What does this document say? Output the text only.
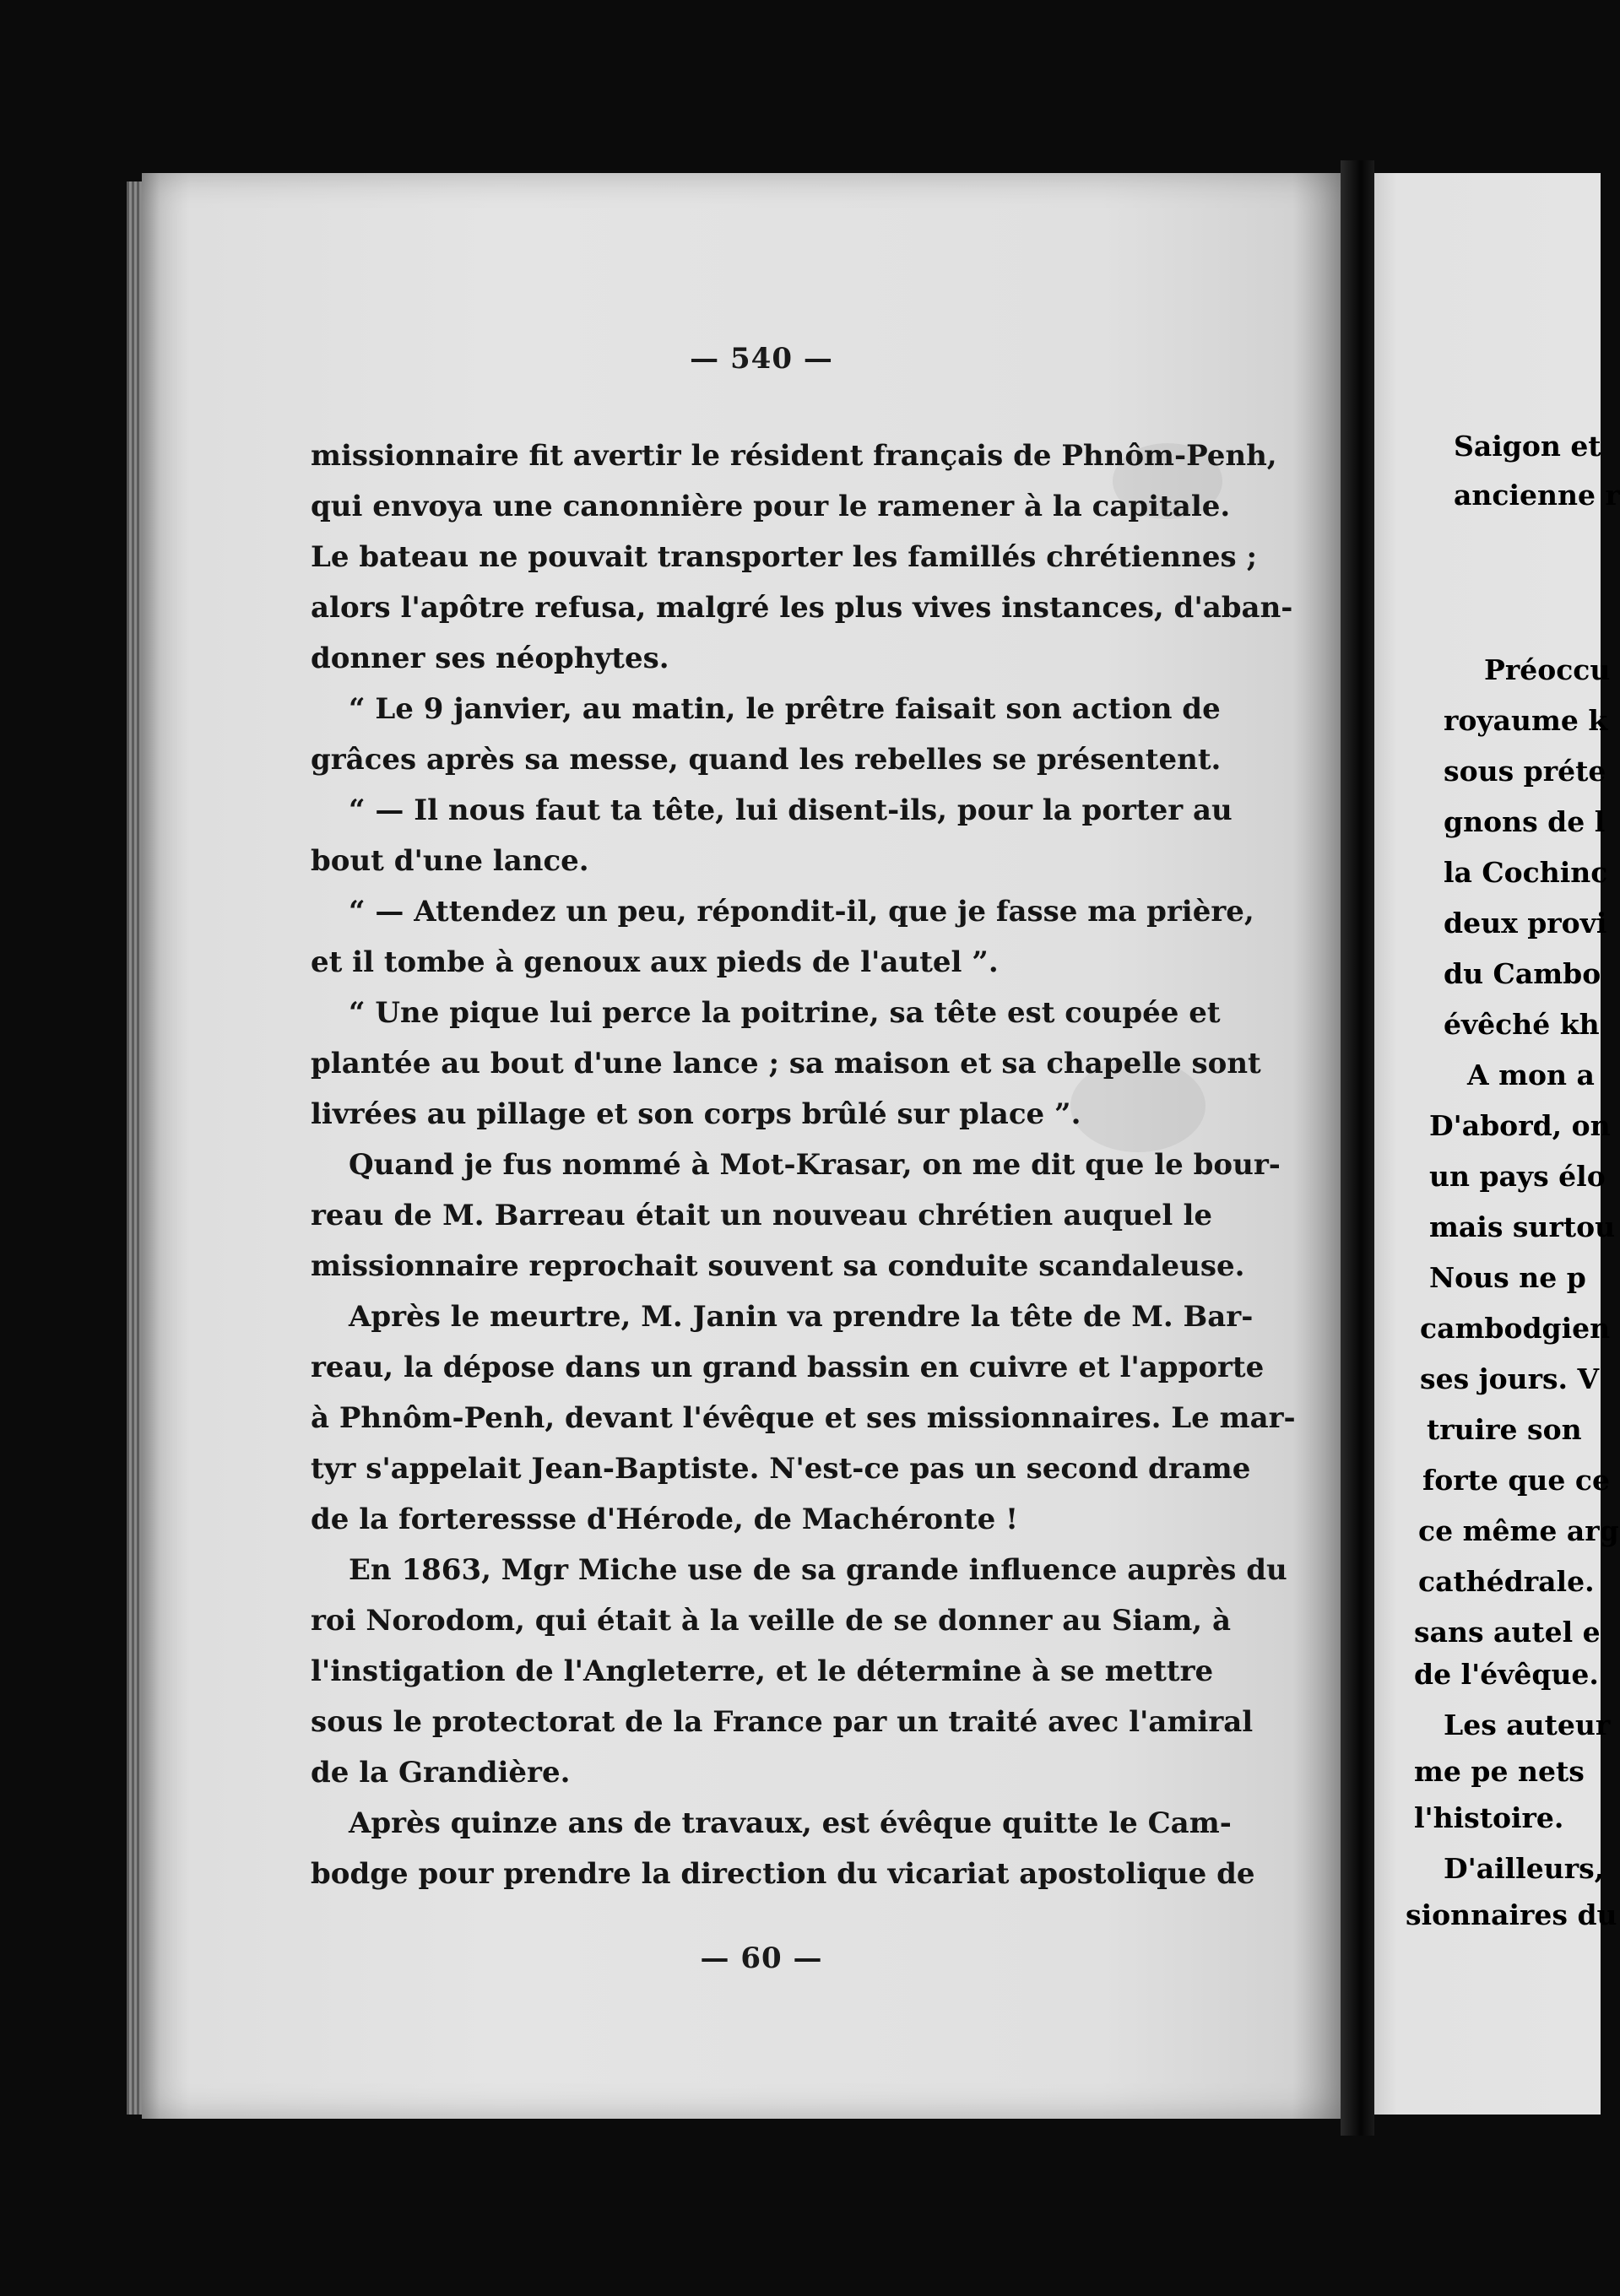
— 540 —
missionnaire fit avertir le résident français de Phnôm-Penh,
qui envoya une canonnière pour le ramener à la capitale.
Le bateau ne pouvait transporter les famillés chrétiennes ;
alors l'apôtre refusa, malgré les plus vives instances, d'aban-
donner ses néophytes.
“ Le 9 janvier, au matin, le prêtre faisait son action de
grâces après sa messe, quand les rebelles se présentent.
“ — Il nous faut ta tête, lui disent-ils, pour la porter au
bout d'une lance.
“ — Attendez un peu, répondit-il, que je fasse ma prière,
et il tombe à genoux aux pieds de l'autel ”.
“ Une pique lui perce la poitrine, sa tête est coupée et
plantée au bout d'une lance ; sa maison et sa chapelle sont
livrées au pillage et son corps brûlé sur place ”.
Quand je fus nommé à Mot-Krasar, on me dit que le bour-
reau de M. Barreau était un nouveau chrétien auquel le
missionnaire reprochait souvent sa conduite scandaleuse.
Après le meurtre, M. Janin va prendre la tête de M. Bar-
reau, la dépose dans un grand bassin en cuivre et l'apporte
à Phnôm-Penh, devant l'évêque et ses missionnaires. Le mar-
tyr s'appelait Jean-Baptiste. N'est-ce pas un second drame
de la forteressse d'Hérode, de Machéronte !
En 1863, Mgr Miche use de sa grande influence auprès du
roi Norodom, qui était à la veille de se donner au Siam, à
l'instigation de l'Angleterre, et le détermine à se mettre
sous le protectorat de la France par un traité avec l'amiral
de la Grandière.
Après quinze ans de travaux, est évêque quitte le Cam-
bodge pour prendre la direction du vicariat apostolique de
— 60 —
Saigon et
ancienne r
Préoccu
royaume k
sous préte
gnons de l
la Cochinc
deux provi
du Cambo
évêché kh
A mon a
D'abord, on
un pays élo
mais surtou
Nous ne p
cambodgien
ses jours. V
truire son
forte que ce
ce même arg
cathédrale.
sans autel e
de l'évêque.
Les auteur
me pe nets
l'histoire.
D'ailleurs,
sionnaires du
